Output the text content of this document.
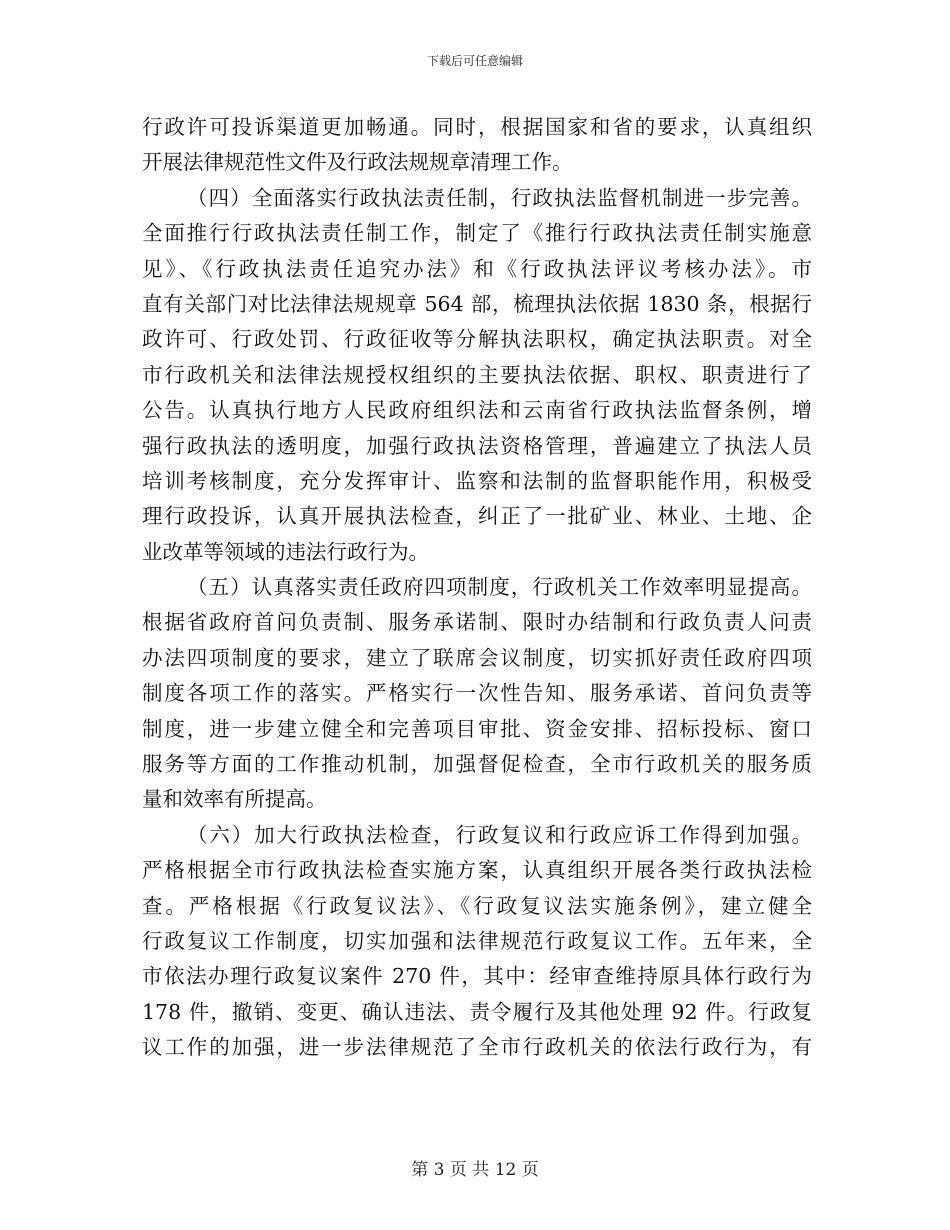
下载后可任意编辑
行政许可投诉渠道更加畅通。同时，根据国家和省的要求，认真组织
开展法律规范性文件及行政法规规章清理工作。
（四）全面落实行政执法责任制，行政执法监督机制进一步完善。
全面推行行政执法责任制工作，制定了《推行行政执法责任制实施意
见》、《行政执法责任追究办法》和《行政执法评议考核办法》。市
直有关部门对比法律法规规章 564 部，梳理执法依据 1830 条，根据行
政许可、行政处罚、行政征收等分解执法职权，确定执法职责。对全
市行政机关和法律法规授权组织的主要执法依据、职权、职责进行了
公告。认真执行地方人民政府组织法和云南省行政执法监督条例，增
强行政执法的透明度，加强行政执法资格管理，普遍建立了执法人员
培训考核制度，充分发挥审计、监察和法制的监督职能作用，积极受
理行政投诉，认真开展执法检查，纠正了一批矿业、林业、土地、企
业改革等领域的违法行政行为。
（五）认真落实责任政府四项制度，行政机关工作效率明显提高。
根据省政府首问负责制、服务承诺制、限时办结制和行政负责人问责
办法四项制度的要求，建立了联席会议制度，切实抓好责任政府四项
制度各项工作的落实。严格实行一次性告知、服务承诺、首问负责等
制度，进一步建立健全和完善项目审批、资金安排、招标投标、窗口
服务等方面的工作推动机制，加强督促检查，全市行政机关的服务质
量和效率有所提高。
（六）加大行政执法检查，行政复议和行政应诉工作得到加强。
严格根据全市行政执法检查实施方案，认真组织开展各类行政执法检
查。严格根据《行政复议法》、《行政复议法实施条例》，建立健全
行政复议工作制度，切实加强和法律规范行政复议工作。五年来，全
市依法办理行政复议案件 270 件，其中：经审查维持原具体行政行为
178 件，撤销、变更、确认违法、责令履行及其他处理 92 件。行政复
议工作的加强，进一步法律规范了全市行政机关的依法行政行为，有
第 3 页 共 12 页
